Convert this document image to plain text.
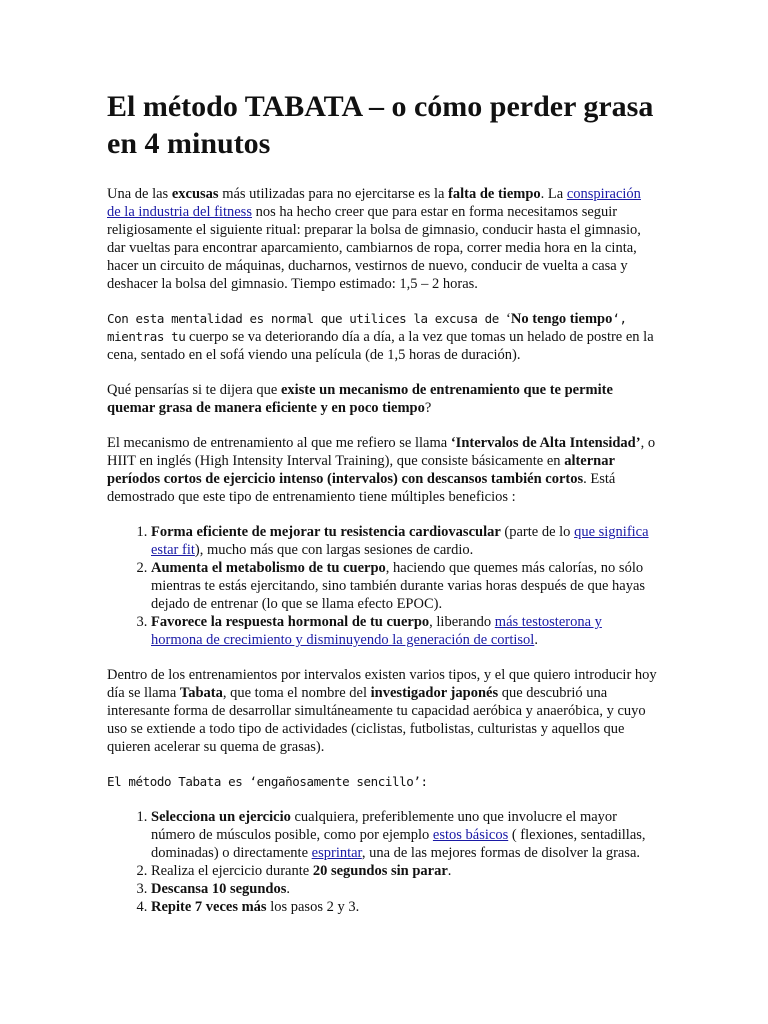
El método TABATA – o cómo perder grasa en 4 minutos

Una de las excusas más utilizadas para no ejercitarse es la falta de tiempo. La conspiración de la industria del fitness nos ha hecho creer que para estar en forma necesitamos seguir religiosamente el siguiente ritual: preparar la bolsa de gimnasio, conducir hasta el gimnasio, dar vueltas para encontrar aparcamiento, cambiarnos de ropa, correr media hora en la cinta, hacer un circuito de máquinas, ducharnos, vestirnos de nuevo, conducir de vuelta a casa y deshacer la bolsa del gimnasio. Tiempo estimado: 1,5 – 2 horas.

Con esta mentalidad es normal que utilices la excusa de ‘No tengo tiempo‘, mientras tu cuerpo se va deteriorando día a día, a la vez que tomas un helado de postre en la cena, sentado en el sofá viendo una película (de 1,5 horas de duración).

Qué pensarías si te dijera que existe un mecanismo de entrenamiento que te permite quemar grasa de manera eficiente y en poco tiempo?

El mecanismo de entrenamiento al que me refiero se llama ‘Intervalos de Alta Intensidad’, o HIIT en inglés (High Intensity Interval Training), que consiste básicamente en alternar períodos cortos de ejercicio intenso (intervalos) con descansos también cortos. Está demostrado que este tipo de entrenamiento tiene múltiples beneficios :

1. Forma eficiente de mejorar tu resistencia cardiovascular (parte de lo que significa estar fit), mucho más que con largas sesiones de cardio.
2. Aumenta el metabolismo de tu cuerpo, haciendo que quemes más calorías, no sólo mientras te estás ejercitando, sino también durante varias horas después de que hayas dejado de entrenar (lo que se llama efecto EPOC).
3. Favorece la respuesta hormonal de tu cuerpo, liberando más testosterona y hormona de crecimiento y disminuyendo la generación de cortisol.

Dentro de los entrenamientos por intervalos existen varios tipos, y el que quiero introducir hoy día se llama Tabata, que toma el nombre del investigador japonés que descubrió una interesante forma de desarrollar simultáneamente tu capacidad aeróbica y anaeróbica, y cuyo uso se extiende a todo tipo de actividades (ciclistas, futbolistas, culturistas y aquellos que quieren acelerar su quema de grasas).

El método Tabata es ‘engañosamente sencillo’:

1. Selecciona un ejercicio cualquiera, preferiblemente uno que involucre el mayor número de músculos posible, como por ejemplo estos básicos ( flexiones, sentadillas, dominadas) o directamente esprintar, una de las mejores formas de disolver la grasa.
2. Realiza el ejercicio durante 20 segundos sin parar.
3. Descansa 10 segundos.
4. Repite 7 veces más los pasos 2 y 3.
